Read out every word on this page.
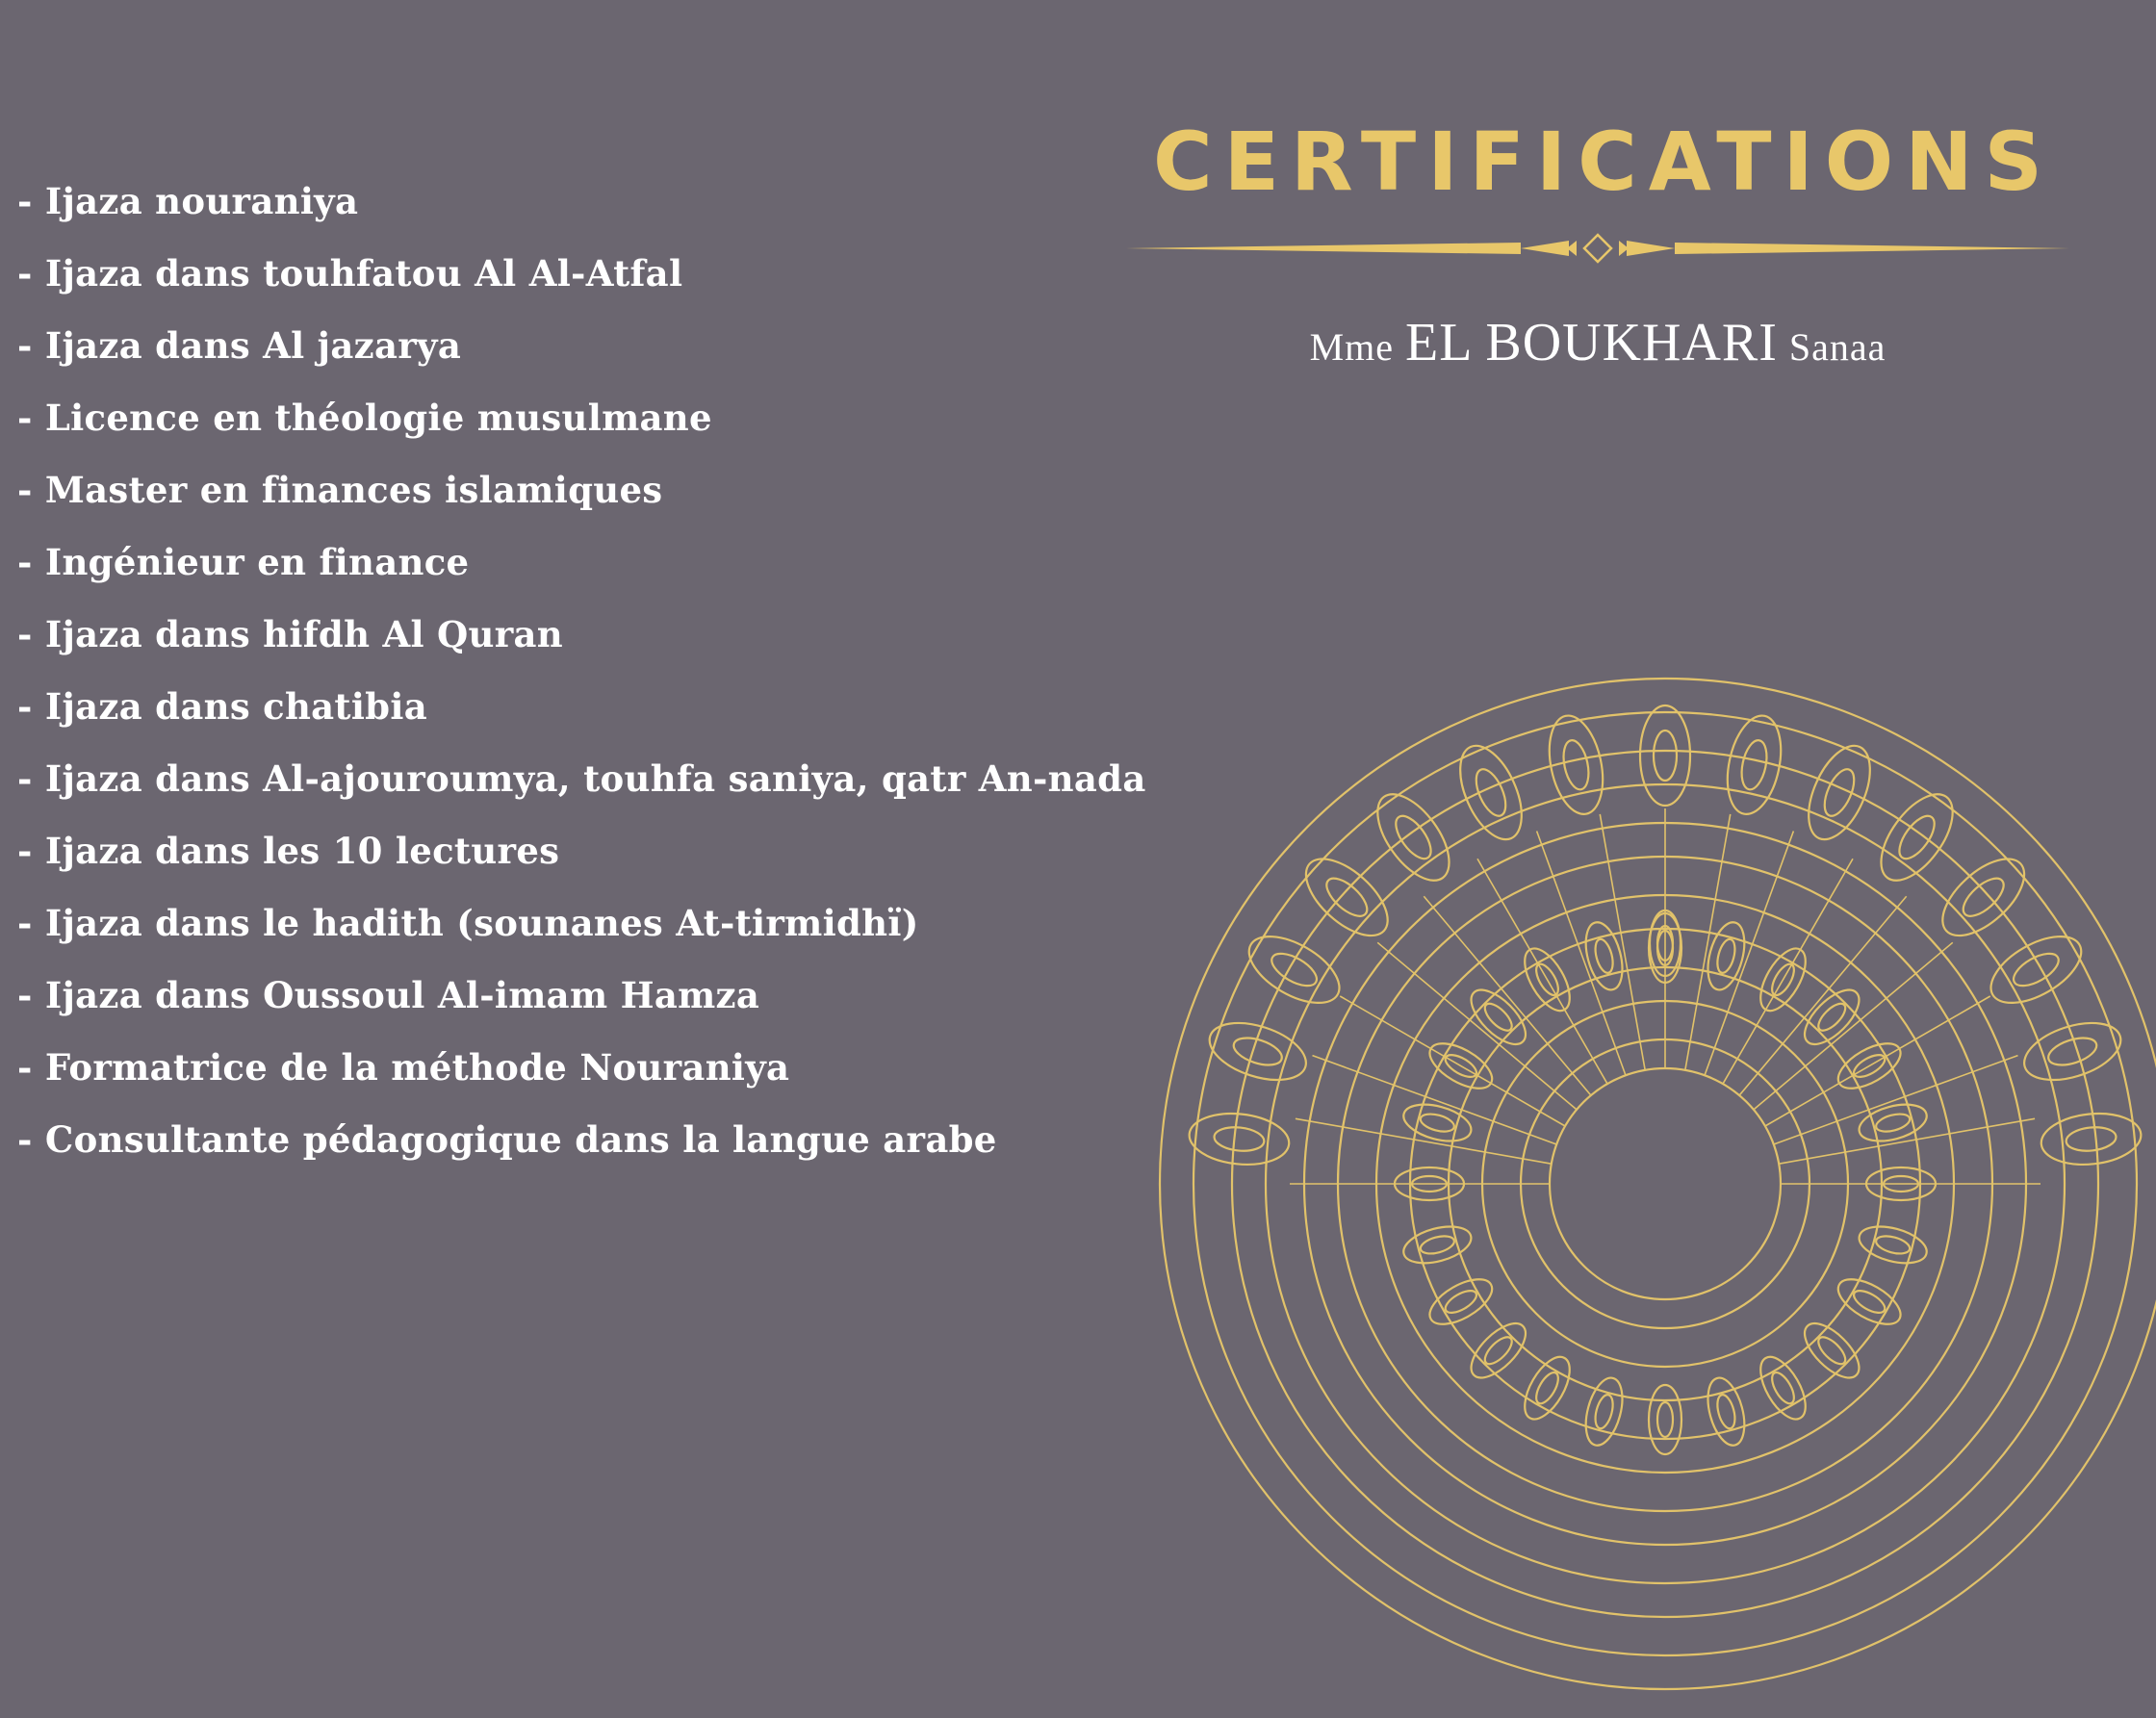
- Ijaza nouraniya
- Ijaza dans touhfatou Al Al-Atfal
- Ijaza dans Al jazarya
- Licence en théologie musulmane
- Master en finances islamiques
- Ingénieur en finance
- Ijaza dans hifdh Al Quran
- Ijaza dans chatibia
- Ijaza dans Al-ajouroumya, touhfa saniya, qatr An-nada
- Ijaza dans les 10 lectures
- Ijaza dans le hadith (sounanes At-tirmidhï)
- Ijaza dans Oussoul Al-imam Hamza
- Formatrice de la méthode Nouraniya
- Consultante pédagogique dans la langue arabe
CERTIFICATIONS
Mme EL BOUKHARI Sanaa
